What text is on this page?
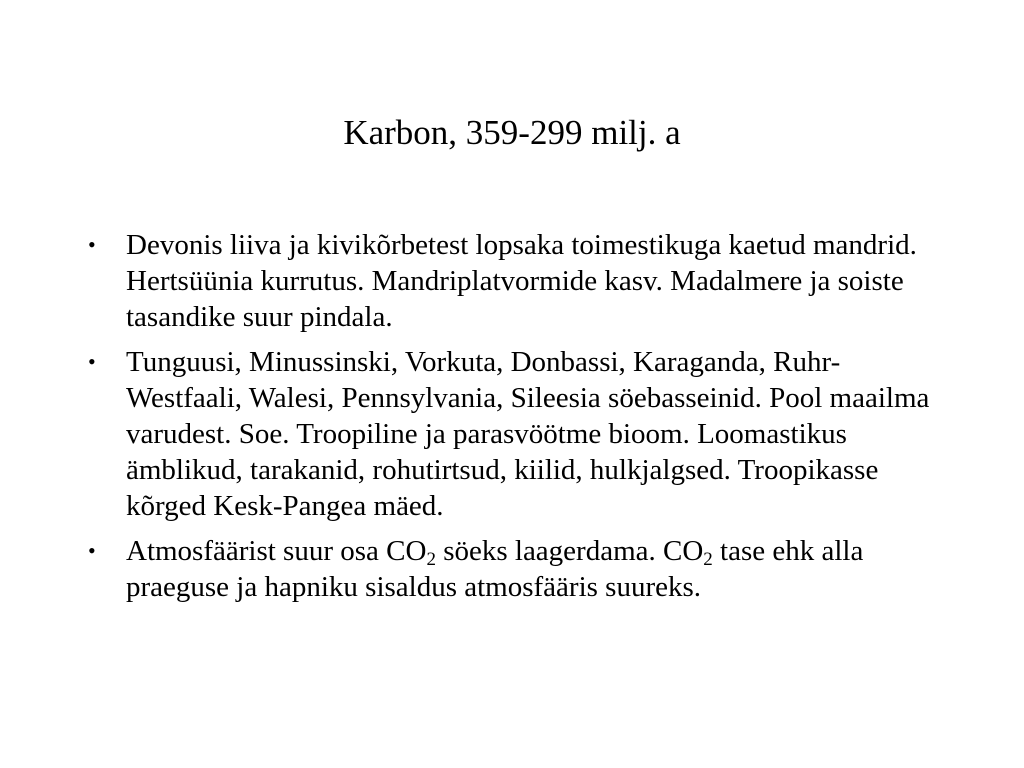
Karbon, 359-299 milj. a
• Devonis liiva ja kivikõrbetest lopsaka toimestikuga kaetud mandrid. Hertsüünia kurrutus. Mandriplatvormide kasv. Madalmere ja soiste tasandike suur pindala.
• Tunguusi, Minussinski, Vorkuta, Donbassi, Karaganda, Ruhr-Westfaali, Walesi, Pennsylvania, Sileesia söebasseinid. Pool maailma varudest. Soe. Troopiline ja parasvöötme bioom. Loomastikus ämblikud, tarakanid, rohutirtsud, kiilid, hulkjalgsed. Troopikasse kõrged Kesk-Pangea mäed.
• Atmosfäärist suur osa $CO_2$ söeks laagerdama. $CO_2$ tase ehk alla praeguse ja hapniku sisaldus atmosfääris suureks.
